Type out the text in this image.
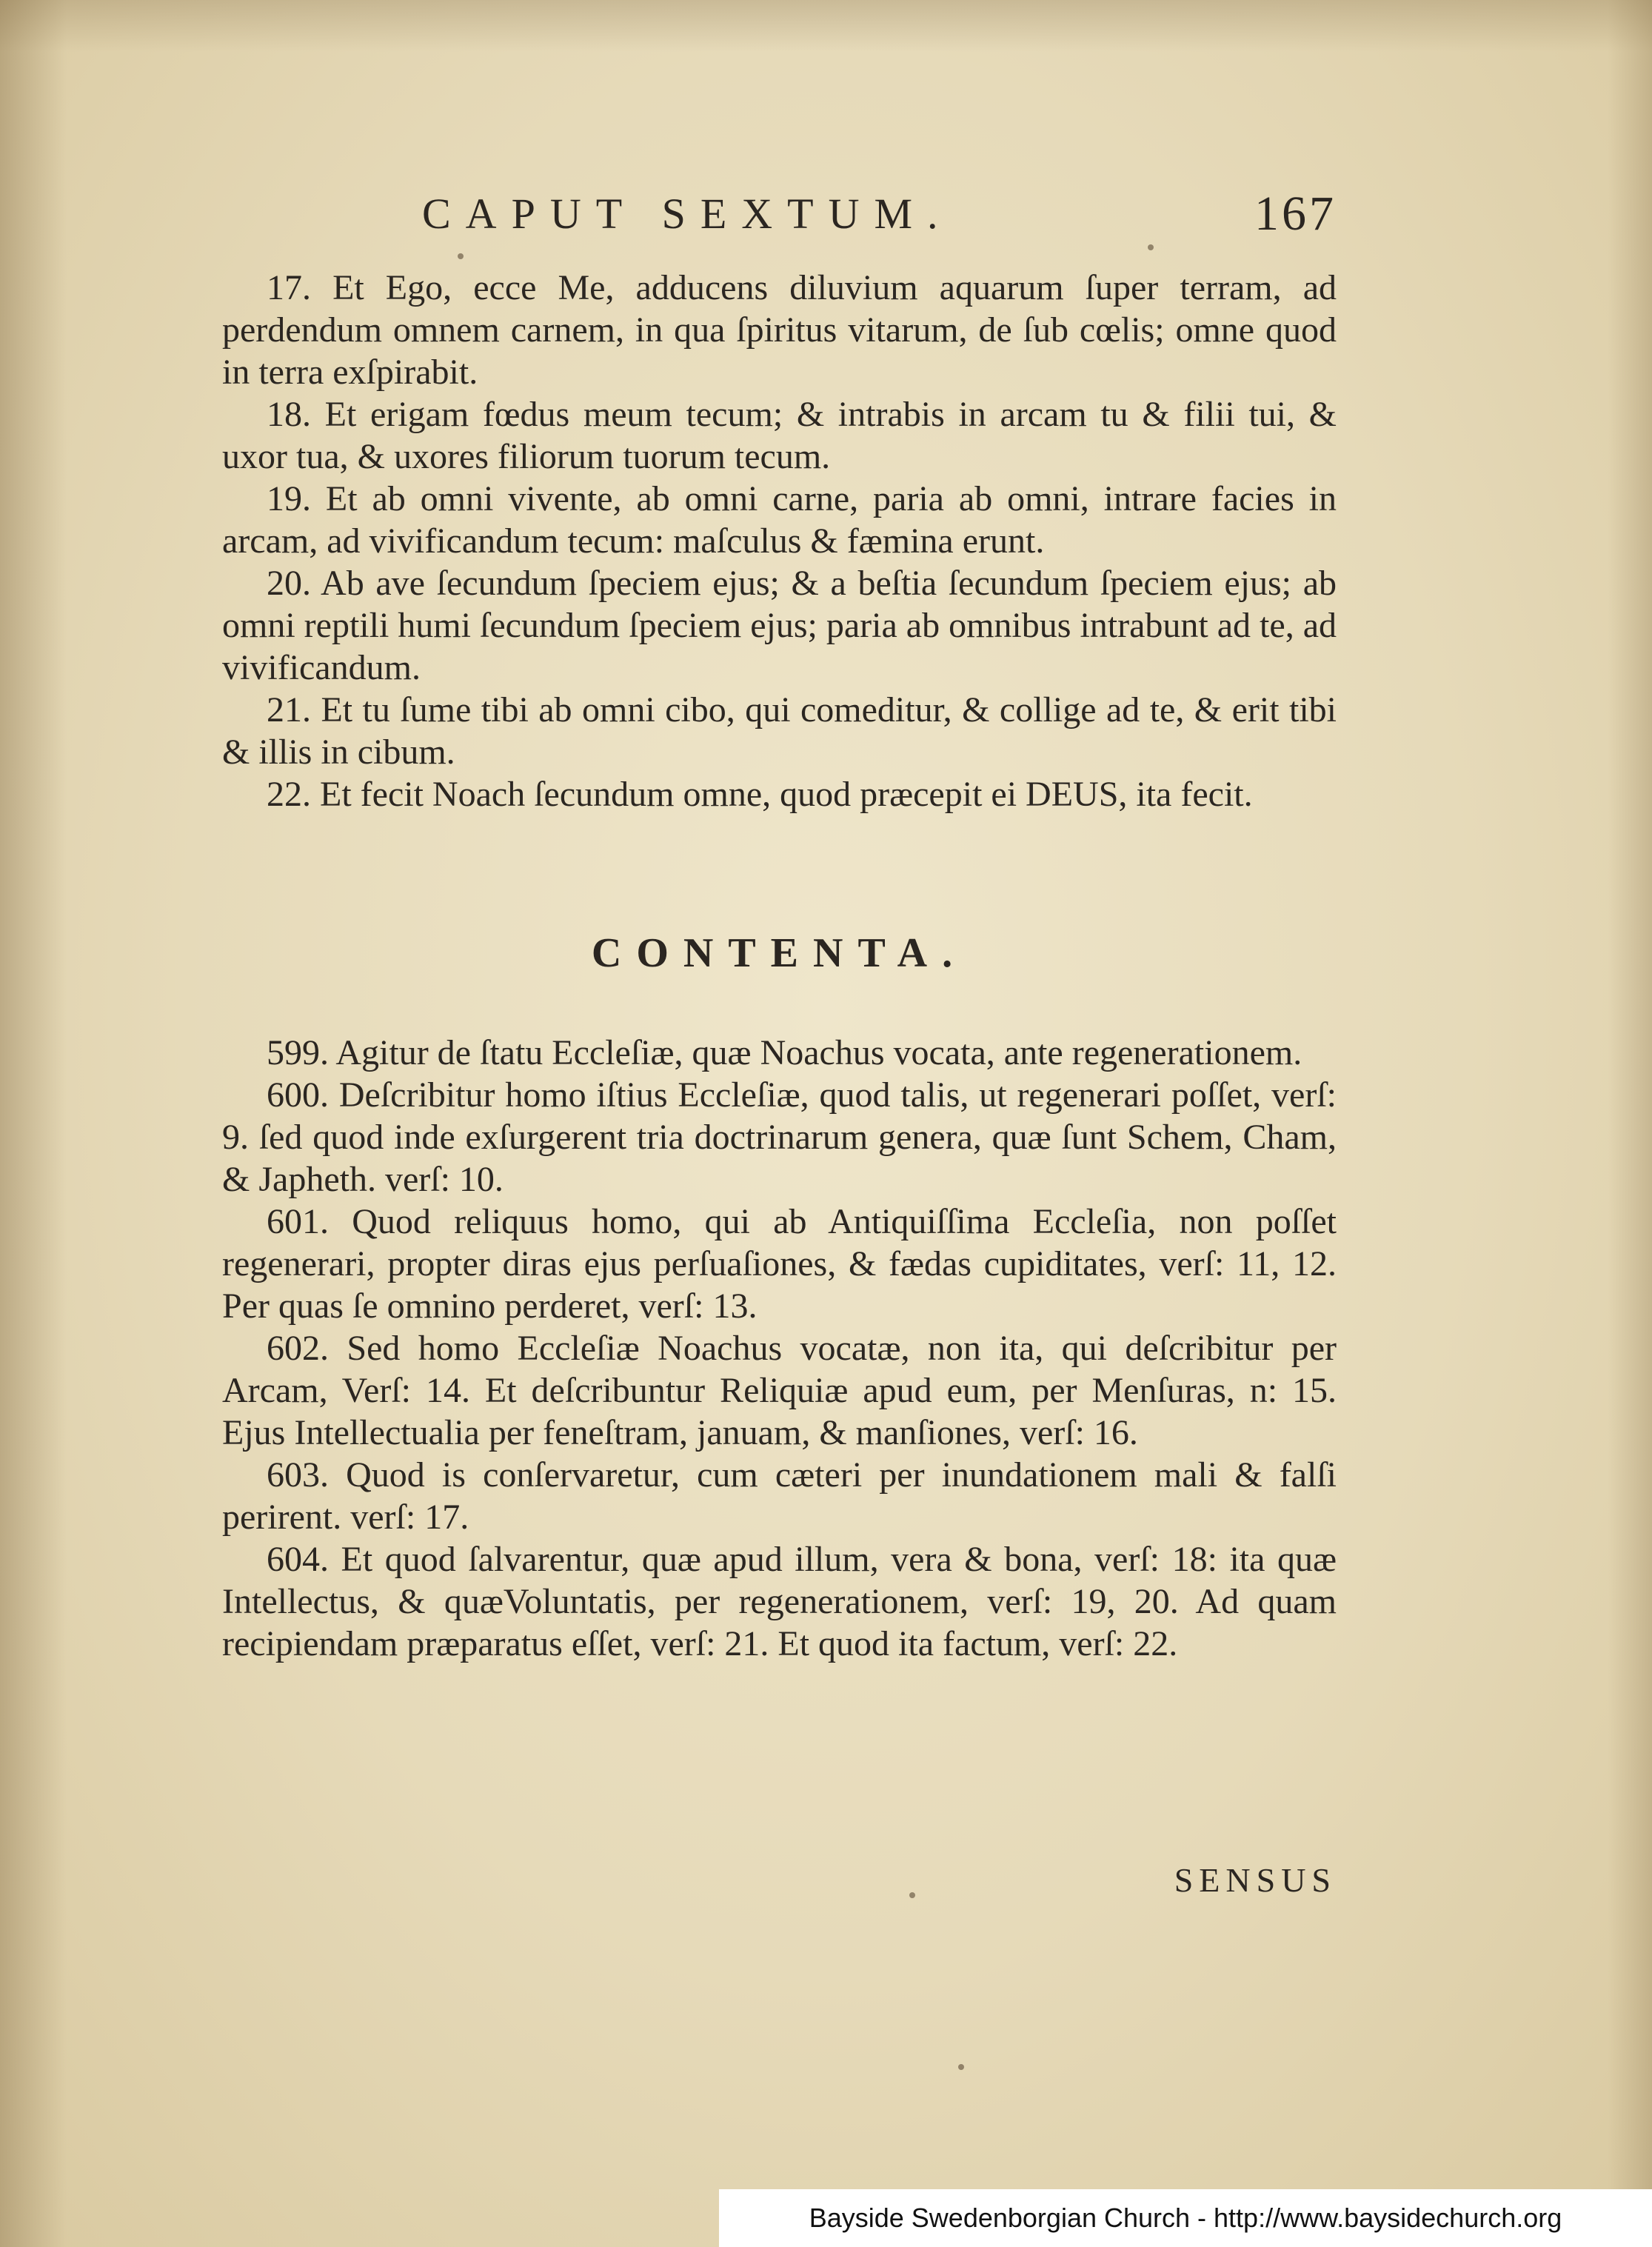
CAPUT SEXTUM.	167

17. Et Ego, ecce Me, adducens diluvium aquarum ſuper terram, ad perdendum omnem carnem, in qua ſpiritus vitarum, de ſub cœlis; omne quod in terra exſpirabit.

18. Et erigam fœdus meum tecum; & intrabis in arcam tu & filii tui, & uxor tua, & uxores filiorum tuorum tecum.

19. Et ab omni vivente, ab omni carne, paria ab omni, intrare facies in arcam, ad vivificandum tecum: maſculus & fæmina erunt.

20. Ab ave ſecundum ſpeciem ejus; & a beſtia ſecundum ſpeciem ejus; ab omni reptili humi ſecundum ſpeciem ejus; paria ab omnibus intrabunt ad te, ad vivificandum.

21. Et tu ſume tibi ab omni cibo, qui comeditur, & collige ad te, & erit tibi & illis in cibum.

22. Et fecit Noach ſecundum omne, quod præcepit ei DEUS, ita fecit.

CONTENTA.

599. Agitur de ſtatu Eccleſiæ, quæ Noachus vocata, ante regenerationem.

600. Deſcribitur homo iſtius Eccleſiæ, quod talis, ut regenerari poſſet, verſ: 9. ſed quod inde exſurgerent tria doctrinarum genera, quæ ſunt Schem, Cham, & Japheth. verſ: 10.

601. Quod reliquus homo, qui ab Antiquiſſima Eccleſia, non poſſet regenerari, propter diras ejus perſuaſiones, & fædas cupiditates, verſ: 11, 12. Per quas ſe omnino perderet, verſ: 13.

602. Sed homo Eccleſiæ Noachus vocatæ, non ita, qui deſcribitur per Arcam, Verſ: 14. Et deſcribuntur Reliquiæ apud eum, per Menſuras, n: 15. Ejus Intellectualia per feneſtram, januam, & manſiones, verſ: 16.

603. Quod is conſervaretur, cum cæteri per inundationem mali & falſi perirent. verſ: 17.

604. Et quod ſalvarentur, quæ apud illum, vera & bona, verſ: 18: ita quæ Intellectus, & quæVoluntatis, per regenerationem, verſ: 19, 20. Ad quam recipiendam præparatus eſſet, verſ: 21. Et quod ita factum, verſ: 22.

SENSUS
Bayside Swedenborgian Church - http://www.baysidechurch.org
